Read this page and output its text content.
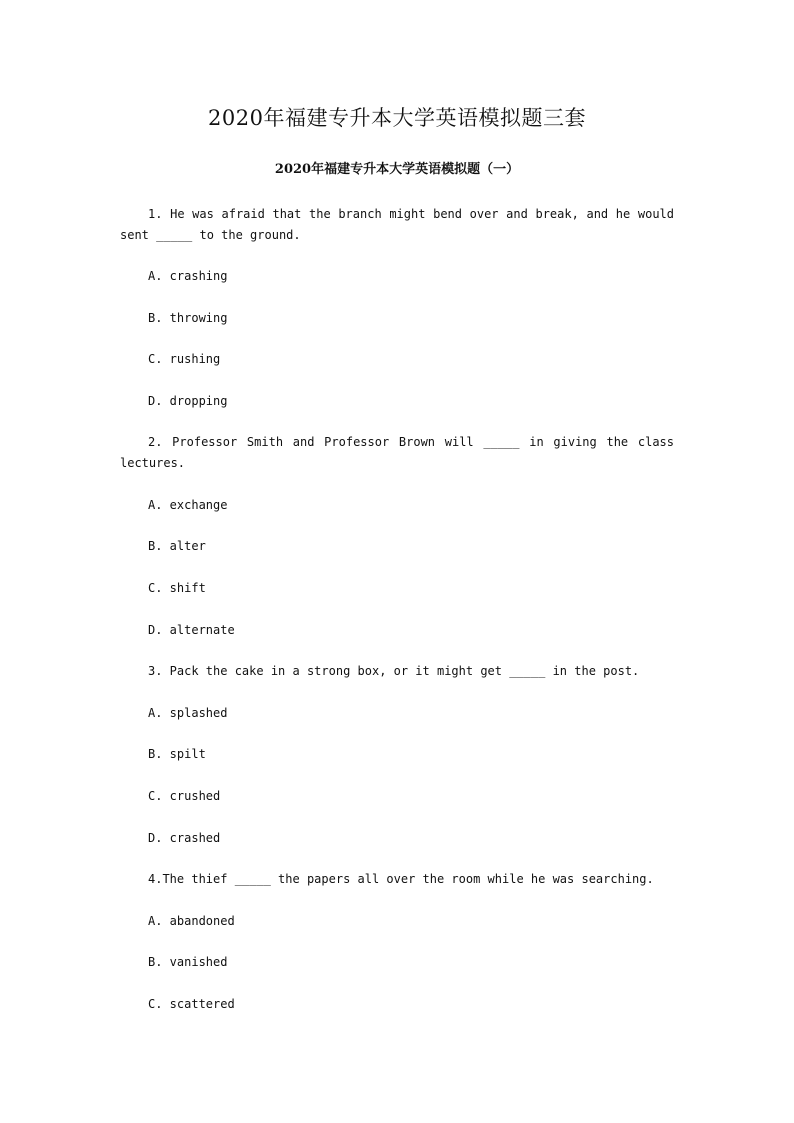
2020年福建专升本大学英语模拟题三套
2020年福建专升本大学英语模拟题（一）
1. He was afraid that the branch might bend over and break, and he would
sent _____ to the ground.
A. crashing
B. throwing
C. rushing
D. dropping
2. Professor Smith and Professor Brown will _____ in giving the class
lectures.
A. exchange
B. alter
C. shift
D. alternate
3. Pack the cake in a strong box, or it might get _____ in the post.
A. splashed
B. spilt
C. crushed
D. crashed
4.The thief _____ the papers all over the room while he was searching.
A. abandoned
B. vanished
C. scattered
